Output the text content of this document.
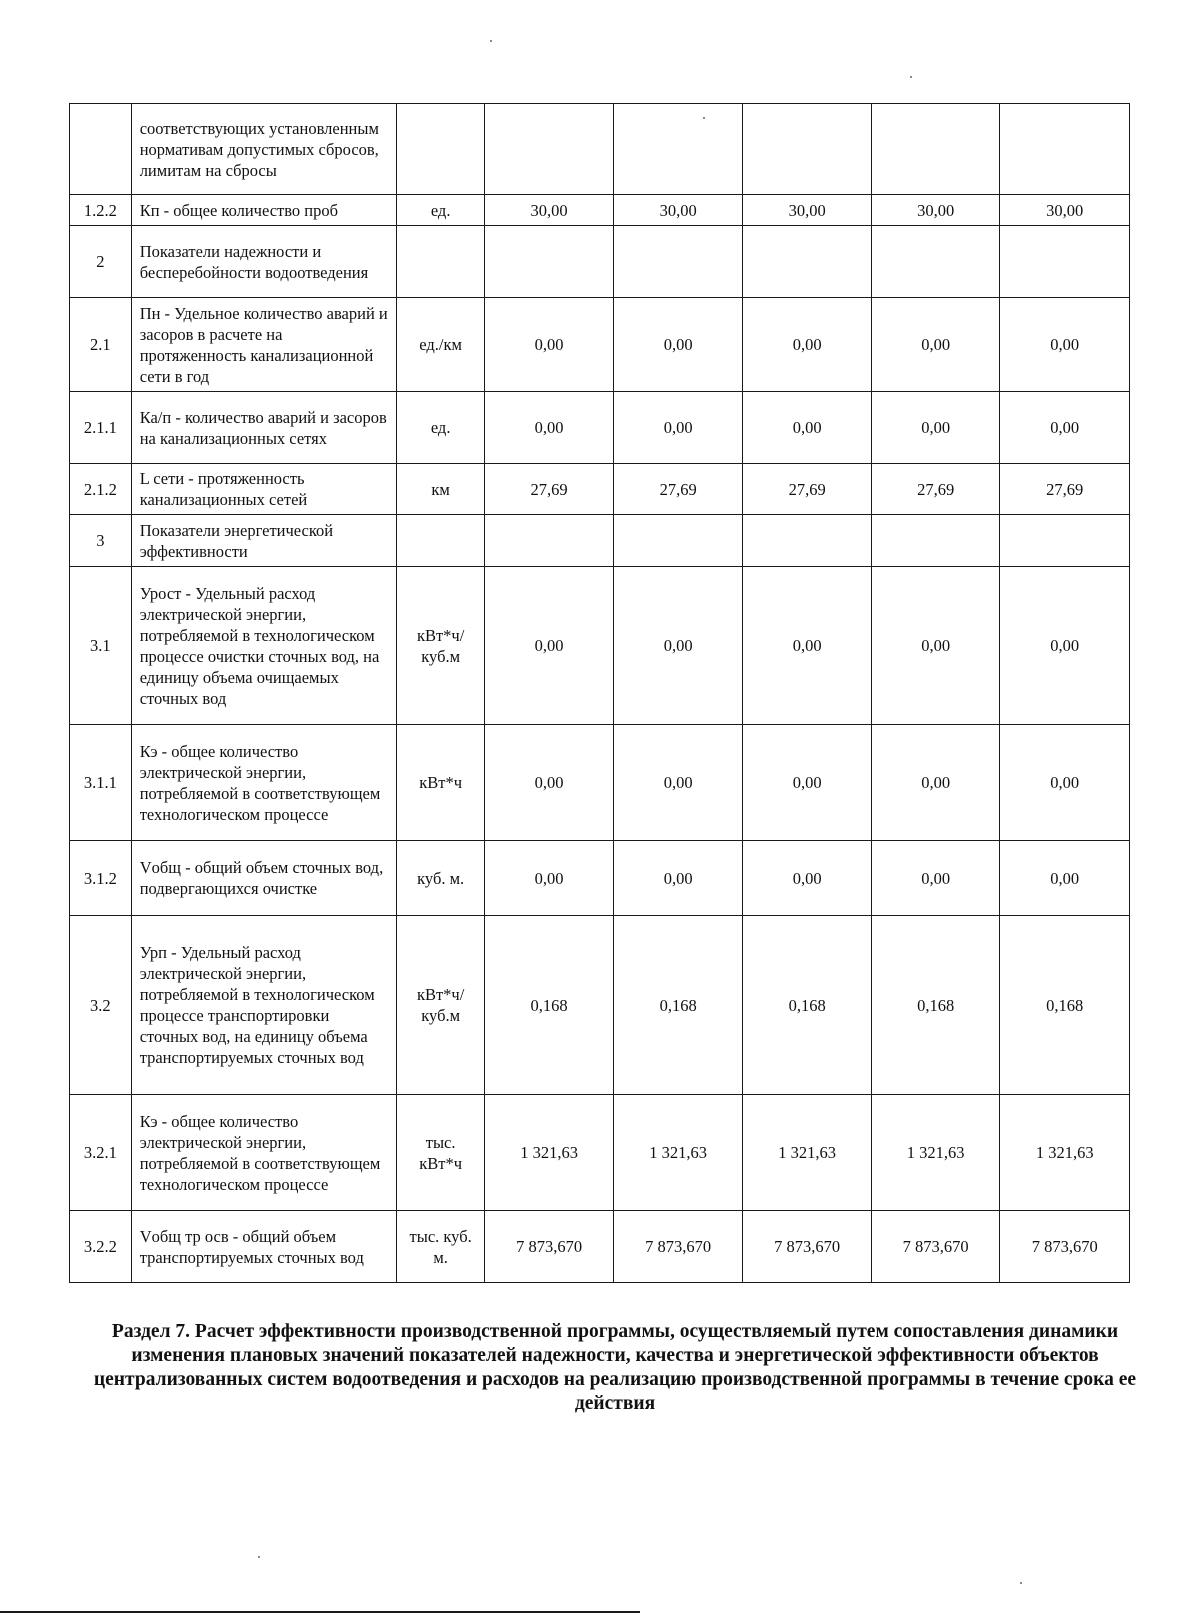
	соответствующих установленным нормативам допустимых сбросов, лимитам на сбросы						
1.2.2	Кп - общее количество проб	ед.	30,00	30,00	30,00	30,00	30,00
2	Показатели надежности и бесперебойности водоотведения						
2.1	Пн - Удельное количество аварий и засоров в расчете на протяженность канализационной сети в год	ед./км	0,00	0,00	0,00	0,00	0,00
2.1.1	Ка/п - количество аварий и засоров на канализационных сетях	ед.	0,00	0,00	0,00	0,00	0,00
2.1.2	L сети - протяженность канализационных сетей	км	27,69	27,69	27,69	27,69	27,69
3	Показатели энергетической эффективности						
3.1	Урост - Удельный расход электрической энергии, потребляемой в технологическом процессе очистки сточных вод, на единицу объема очищаемых сточных вод	кВт*ч/куб.м	0,00	0,00	0,00	0,00	0,00
3.1.1	Кэ - общее количество электрической энергии, потребляемой в соответствующем технологическом процессе	кВт*ч	0,00	0,00	0,00	0,00	0,00
3.1.2	Vобщ - общий объем сточных вод, подвергающихся очистке	куб. м.	0,00	0,00	0,00	0,00	0,00
3.2	Урп - Удельный расход электрической энергии, потребляемой в технологическом процессе транспортировки сточных вод, на единицу объема транспортируемых сточных вод	кВт*ч/куб.м	0,168	0,168	0,168	0,168	0,168
3.2.1	Кэ - общее количество электрической энергии, потребляемой в соответствующем технологическом процессе	тыс. кВт*ч	1 321,63	1 321,63	1 321,63	1 321,63	1 321,63
3.2.2	Vобщ тр осв - общий объем транспортируемых сточных вод	тыс. куб. м.	7 873,670	7 873,670	7 873,670	7 873,670	7 873,670
Раздел 7. Расчет эффективности производственной программы, осуществляемый путем сопоставления динамики изменения плановых значений показателей надежности, качества и энергетической эффективности объектов централизованных систем водоотведения и расходов на реализацию производственной программы в течение срока ее действия
